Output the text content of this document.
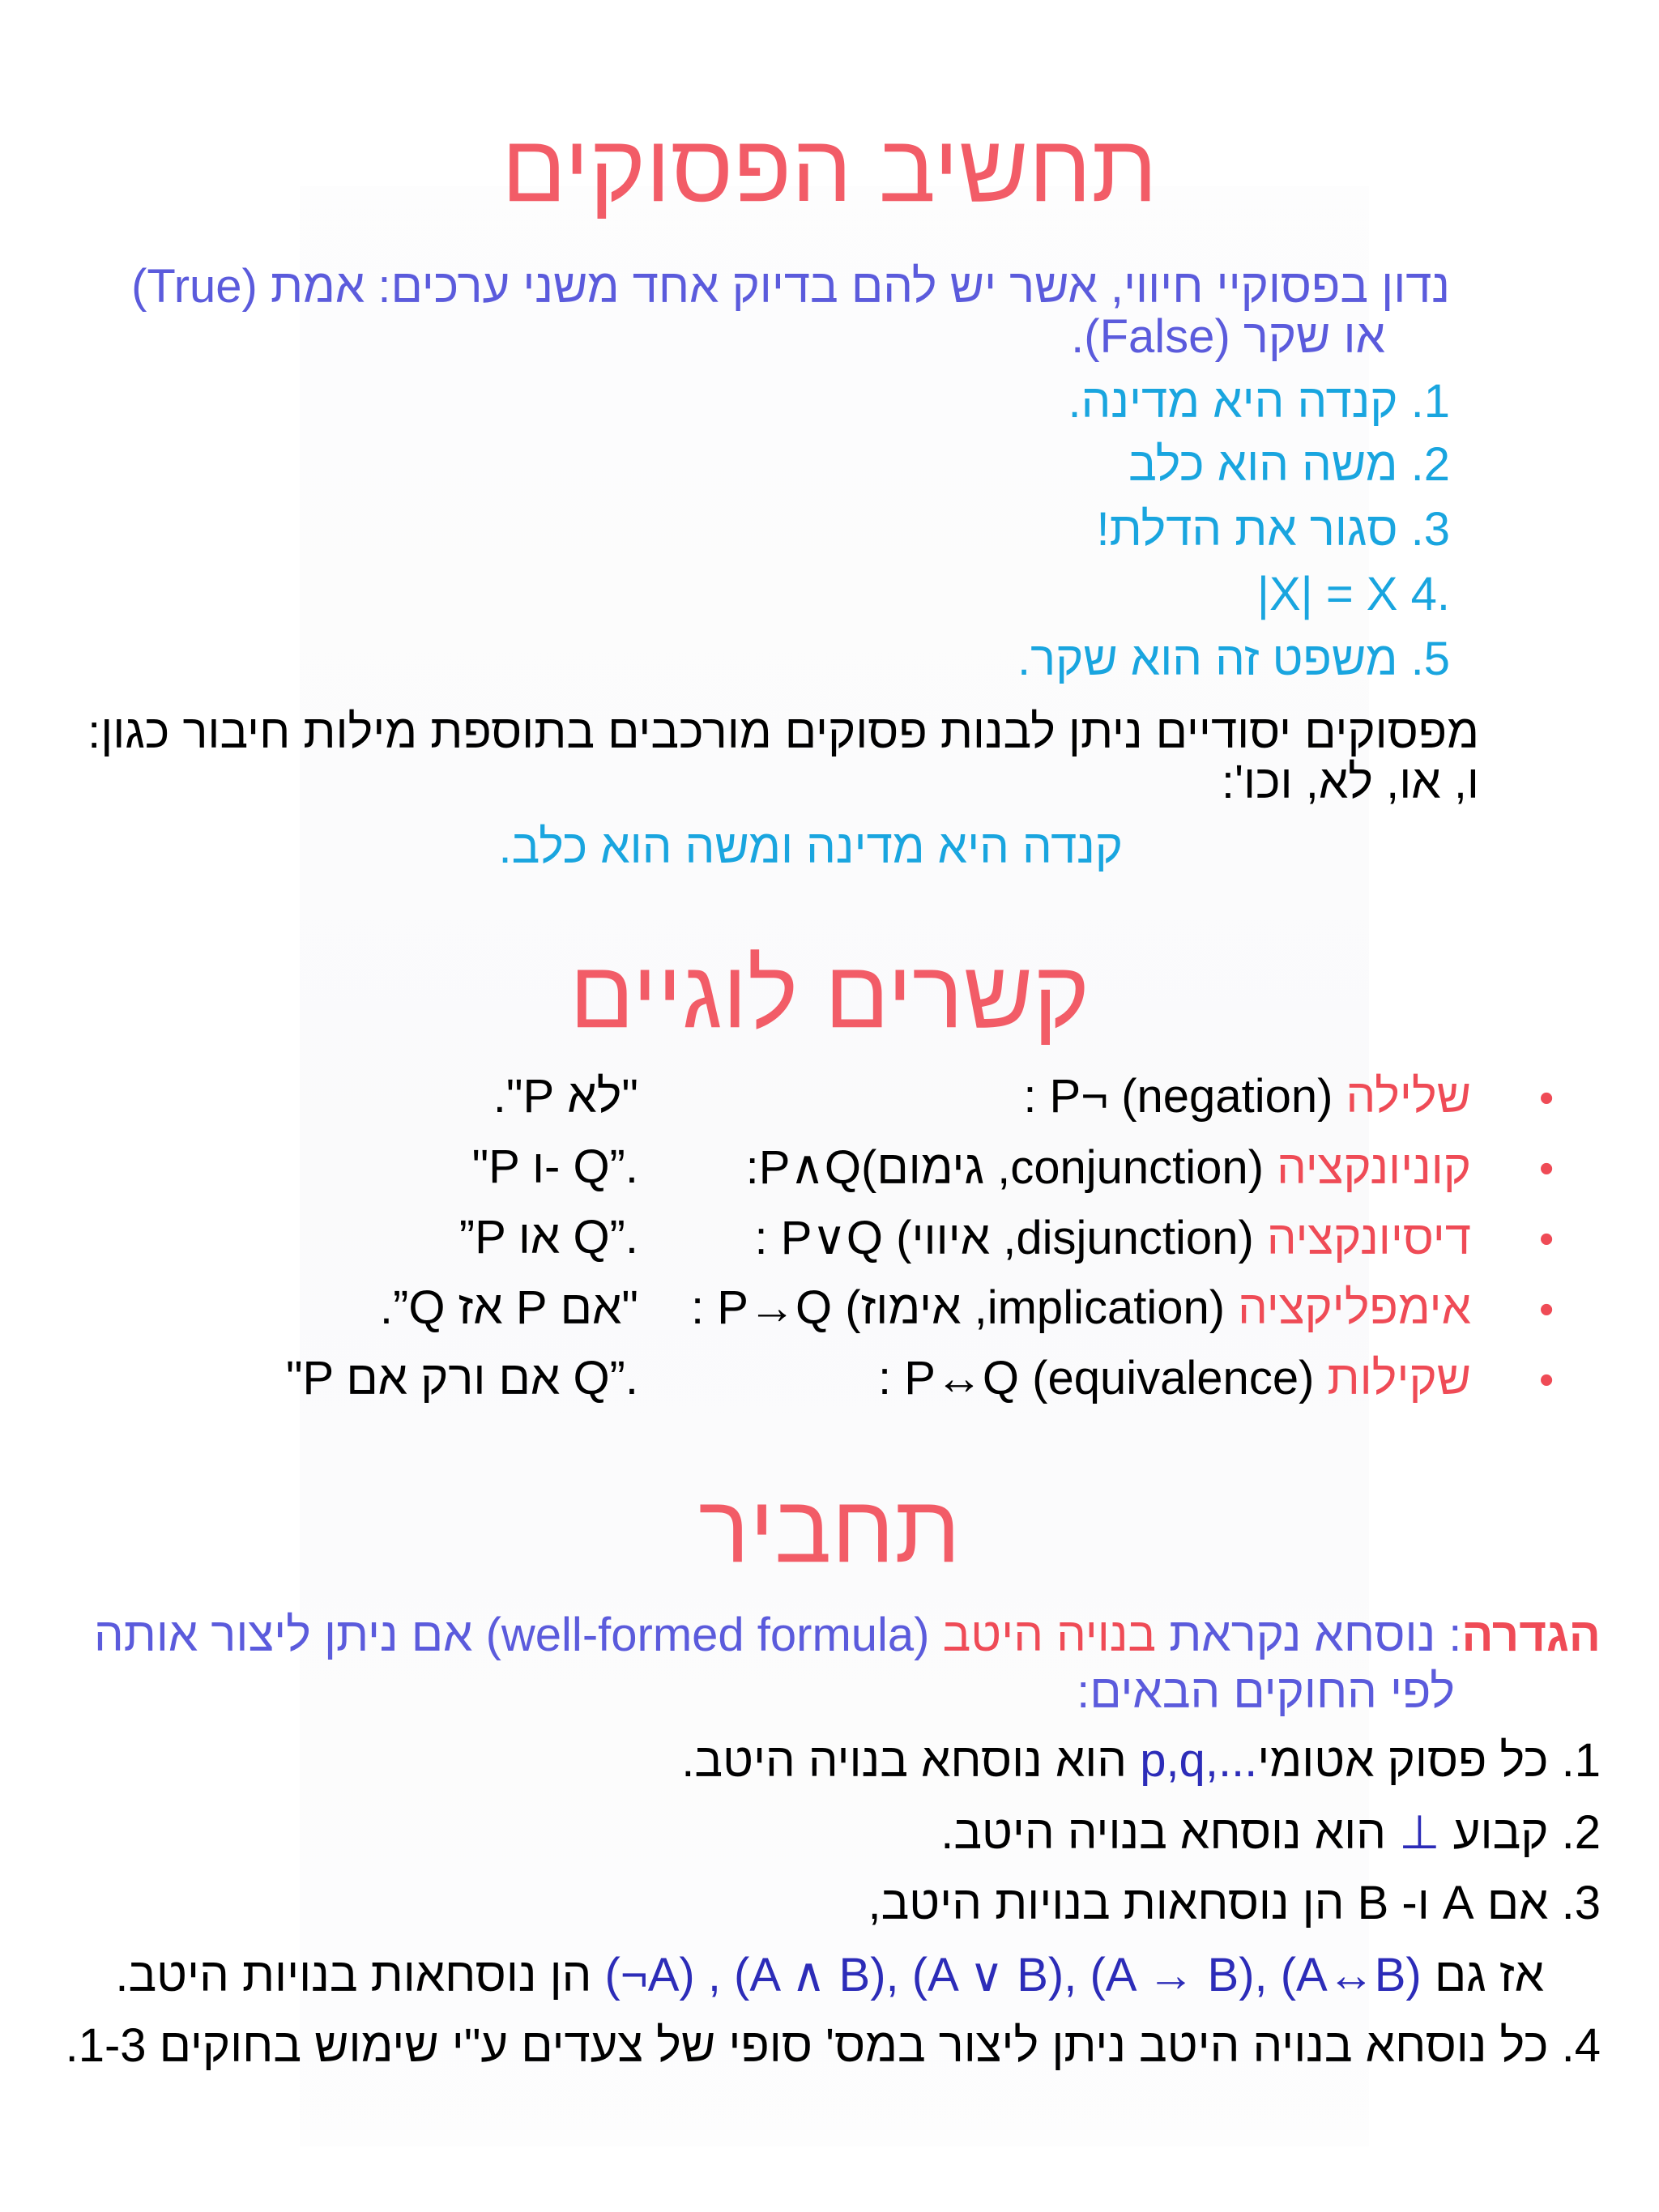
תחשיב הפסוקים
נדון בפסוקיי חיווי, אשר יש להם בדיוק אחד משני ערכים: אמת (True)
או שקר (False).
1. קנדה היא מדינה.
2. משה הוא כלב
3. סגור את הדלת!
|X| = X 4.
5. משפט זה הוא שקר.
מפסוקים יסודיים ניתן לבנות פסוקים מורכבים בתוספת מילות חיבור כגון:
ו, או, לא, וכו':
קנדה היא מדינה ומשה הוא כלב.
קשרים לוגיים
•
שלילה (negation) ¬P :
"לא P".
•
קוניונקציה (conjunction, גימום)P∧Q:
"P ו- Q”.
•
דיסיונקציה (disjunction, איווי) P∨Q :
”P או Q”.
•
אימפליקציה (implication, אימוז) P→Q :
"אם P אז Q”.
•
שקילות (equivalence) P↔Q :
"P אם ורק אם Q”.
תחביר
הגדרה: נוסחא נקראת בנויה היטב (well-formed formula) אם ניתן ליצור אותה
לפי החוקים הבאים:
1. כל פסוק אטומי...,p,q הוא נוסחא בנויה היטב.
2. קבוע ⊥ הוא נוסחא בנויה היטב.
3. אם A ו- B הן נוסחאות בנויות היטב,
אז גם (¬A) , (A ∧ B), (A ∨ B), (A → B), (A↔B) הן נוסחאות בנויות היטב.
4. כל נוסחא בנויה היטב ניתן ליצור במס' סופי של צעדים ע"י שימוש בחוקים 1-3.
